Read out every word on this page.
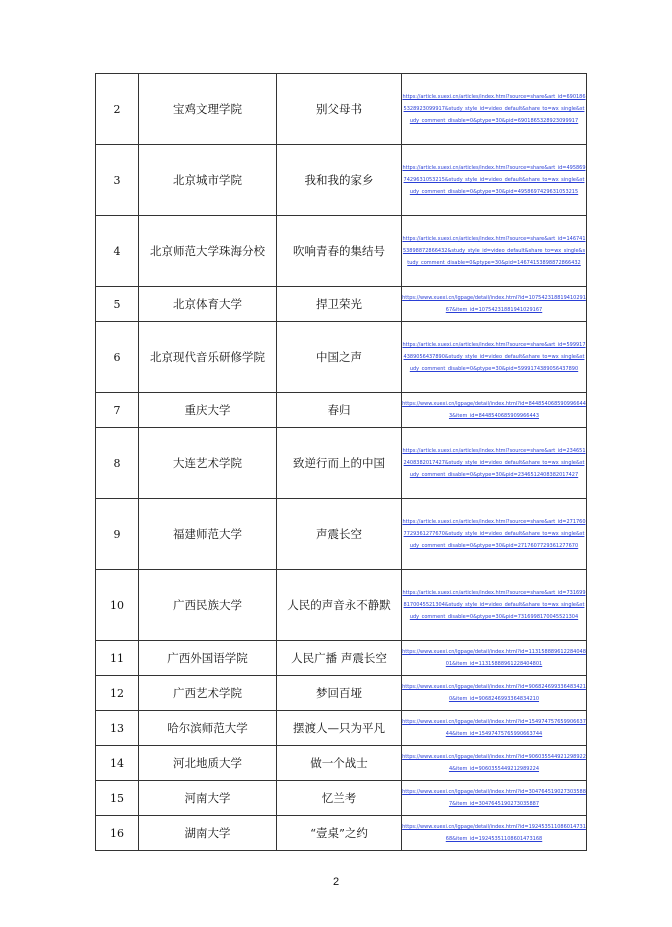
2	宝鸡文理学院	别父母书	https://article.xuexi.cn/articles/index.html?source=share&art_id=6901865328923099917&study_style_id=video_default&share_to=wx_single&study_comment_disable=0&ptype=30&pid=6901865328923099917

3	北京城市学院	我和我的家乡	https://article.xuexi.cn/articles/index.html?source=share&art_id=4958697429631053215&study_style_id=video_default&share_to=wx_single&study_comment_disable=0&ptype=30&pid=4958697429631053215

4	北京师范大学珠海分校	吹响青春的集结号	https://article.xuexi.cn/articles/index.html?source=share&art_id=14674153898872866432&study_style_id=video_default&share_to=wx_single&study_comment_disable=0&ptype=30&pid=14674153898872866432

5	北京体育大学	捍卫荣光	https://www.xuexi.cn/lgpage/detail/index.html?id=10754231881941029167&item_id=10754231881941029167

6	北京现代音乐研修学院	中国之声	https://article.xuexi.cn/articles/index.html?source=share&art_id=5999174389056437890&study_style_id=video_default&share_to=wx_single&study_comment_disable=0&ptype=30&pid=5999174389056437890

7	重庆大学	春归	https://www.xuexi.cn/lgpage/detail/index.html?id=8448540685909966443&item_id=8448540685909966443

8	大连艺术学院	致逆行而上的中国	https://article.xuexi.cn/articles/index.html?source=share&art_id=2346512408382017427&study_style_id=video_default&share_to=wx_single&study_comment_disable=0&ptype=30&pid=2346512408382017427

9	福建师范大学	声震长空	https://article.xuexi.cn/articles/index.html?source=share&art_id=2717607729361277670&study_style_id=video_default&share_to=wx_single&study_comment_disable=0&ptype=30&pid=2717607729361277670

10	广西民族大学	人民的声音永不静默	https://article.xuexi.cn/articles/index.html?source=share&art_id=7316998170045521304&study_style_id=video_default&share_to=wx_single&study_comment_disable=0&ptype=30&pid=7316998170045521304

11	广西外国语学院	人民广播 声震长空	https://www.xuexi.cn/lgpage/detail/index.html?id=11315888961228404801&item_id=11315888961228404801

12	广西艺术学院	梦回百垭	https://www.xuexi.cn/lgpage/detail/index.html?id=9068246993364834210&item_id=9068246993364834210

13	哈尔滨师范大学	摆渡人—只为平凡	https://www.xuexi.cn/lgpage/detail/index.html?id=15497475765990663744&item_id=15497475765990663744

14	河北地质大学	做一个战士	https://www.xuexi.cn/lgpage/detail/index.html?id=9060355449212989224&item_id=9060355449212989224

15	河南大学	忆兰考	https://www.xuexi.cn/lgpage/detail/index.html?id=3047645190273035887&item_id=3047645190273035887

16	湖南大学	“壹桌”之约	https://www.xuexi.cn/lgpage/detail/index.html?id=19245351108601473168&item_id=19245351108601473168
2
